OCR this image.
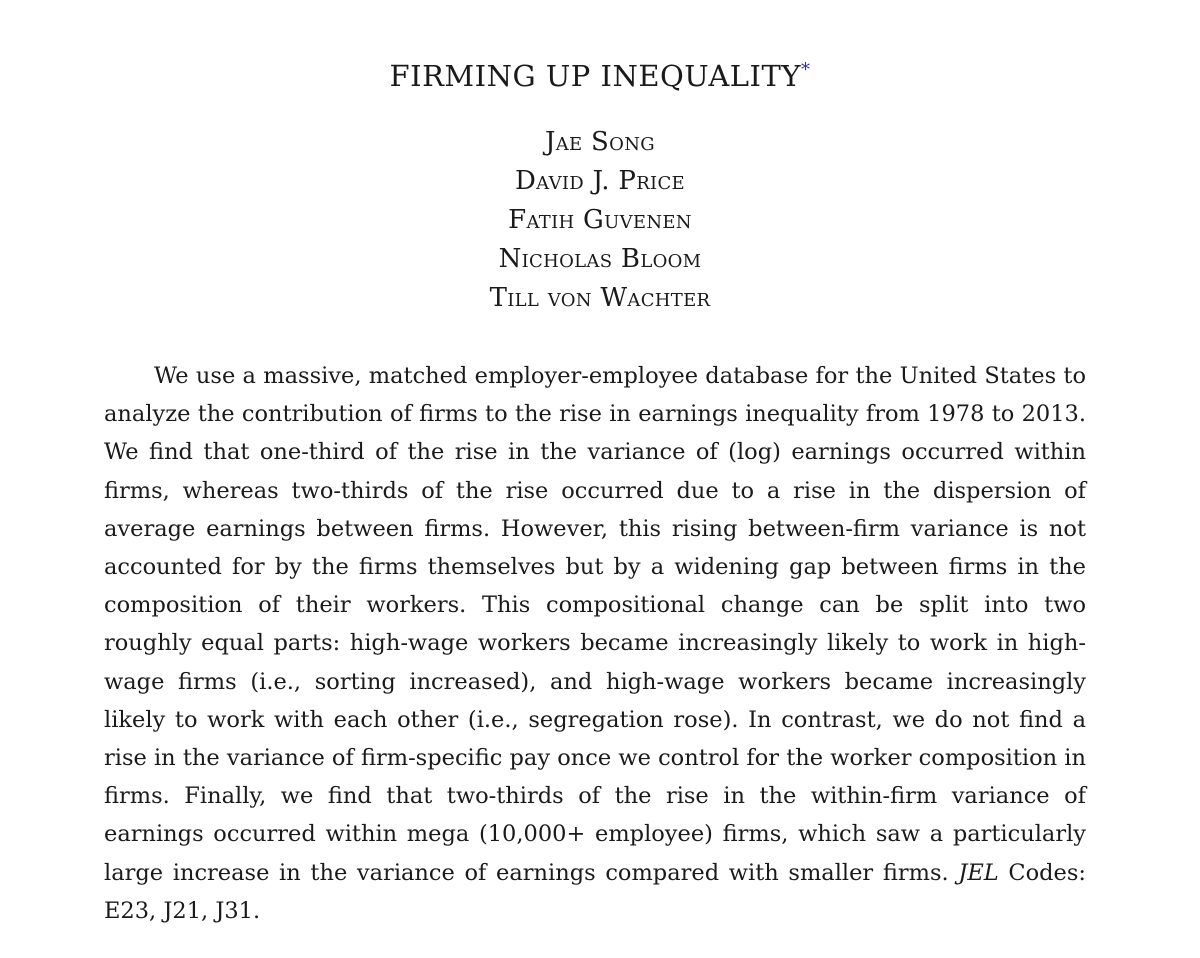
FIRMING UP INEQUALITY*
Jae Song
David J. Price
Fatih Guvenen
Nicholas Bloom
Till von Wachter

We use a massive, matched employer-employee database for the United States to analyze the contribution of firms to the rise in earnings inequality from 1978 to 2013. We find that one-third of the rise in the variance of (log) earnings occurred within firms, whereas two-thirds of the rise occurred due to a rise in the dispersion of average earnings between firms. However, this rising between-firm variance is not accounted for by the firms themselves but by a widening gap between firms in the composition of their workers. This compositional change can be split into two roughly equal parts: high-wage workers became increasingly likely to work in high-wage firms (i.e., sorting increased), and high-wage workers became increasingly likely to work with each other (i.e., segregation rose). In contrast, we do not find a rise in the variance of firm-specific pay once we control for the worker composition in firms. Finally, we find that two-thirds of the rise in the within-firm variance of earnings occurred within mega (10,000+ employee) firms, which saw a particularly large increase in the variance of earnings compared with smaller firms. JEL Codes: E23, J21, J31.
